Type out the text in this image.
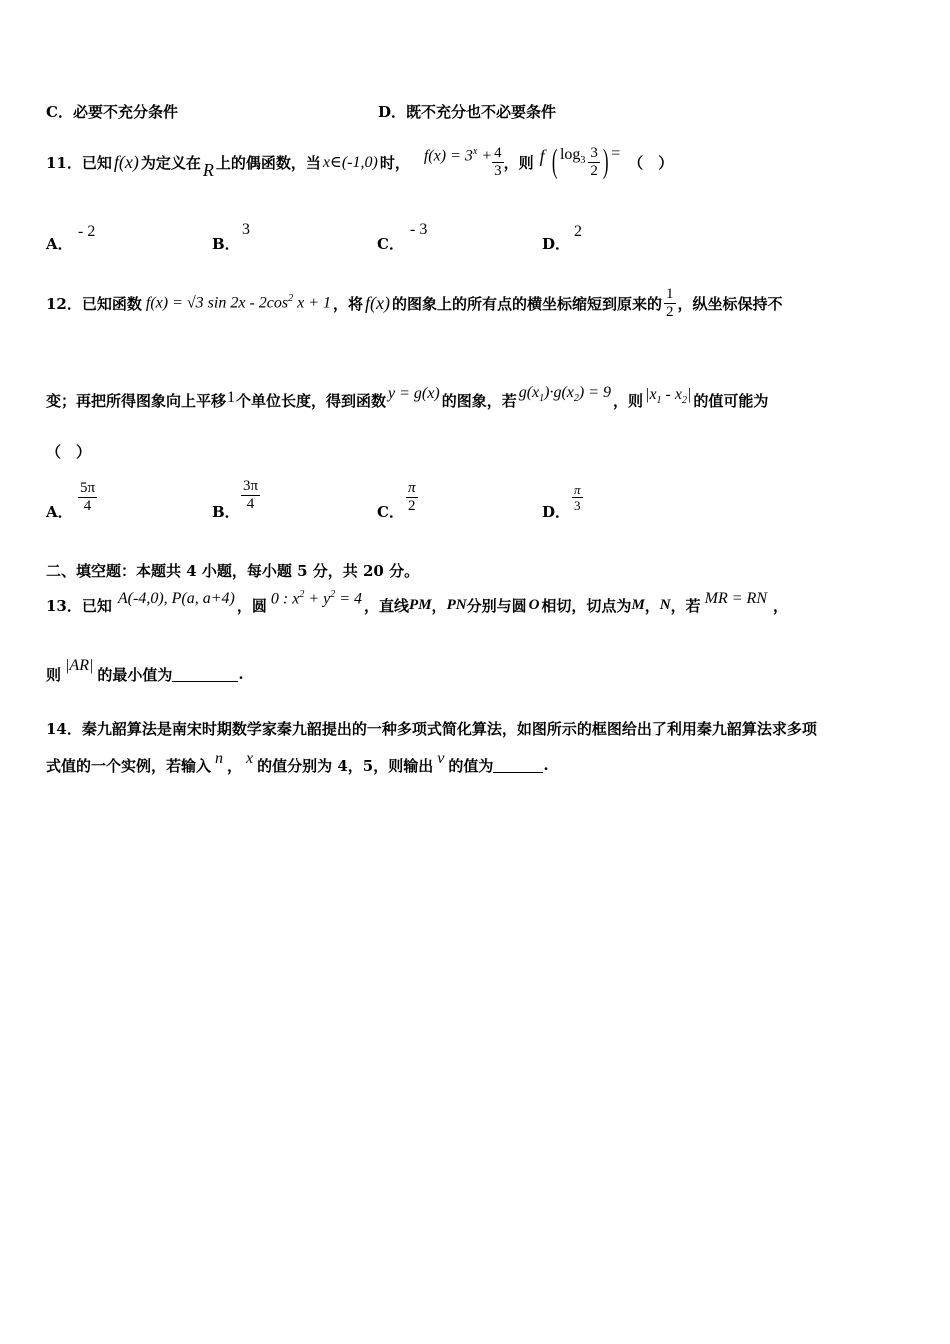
C．必要不充分条件	D．既不充分也不必要条件
11． 已知 f(x) 为定义在 R 上的偶函数，当 x∈(-1,0) 时， $f(x) = 3^x + \frac{4}{3}$ ，则 f ( $\log_3 \frac{3}{2}$ ) = （　）
A．
- 2
B．
3
C．
- 3
D．
2
12． 已知函数 f(x) = √3 $\sin 2x - 2\cos^2$ x + 1 ，将 f(x) 的图象上的所有点的横坐标缩短到原来的 $\frac{1}{2}$ ，纵坐标保持不
变；再把所得图象向上平移 1 个单位长度，得到函数 y = g(x) 的图象，若 $g(x_1)\cdot g(x_2) = 9$ ，则 $|x_1 - x_2|$ 的值可能为
（　）
A． $\frac{5\pi}{4}$	B． $\frac{3\pi}{4}$	C． $\frac{\pi}{2}$	D． $\frac{\pi}{3}$
二、填空题：本题共 4 小题，每小题 5 分，共 20 分。
13． 已知 A(-4,0), P(a, a+4) ，圆 0 : $x^2 + y^2 = 4$ ，直线 PM ， PN 分别与圆 O 相切，切点为 M ， N ，若 MR = RN ，
则 |AR| 的最小值为	.
14．秦九韶算法是南宋时期数学家秦九韶提出的一种多项式简化算法，如图所示的框图给出了利用秦九韶算法求多项
式值的一个实例，若输入 n ， x 的值分别为 4，5，则输出 v 的值为	.
